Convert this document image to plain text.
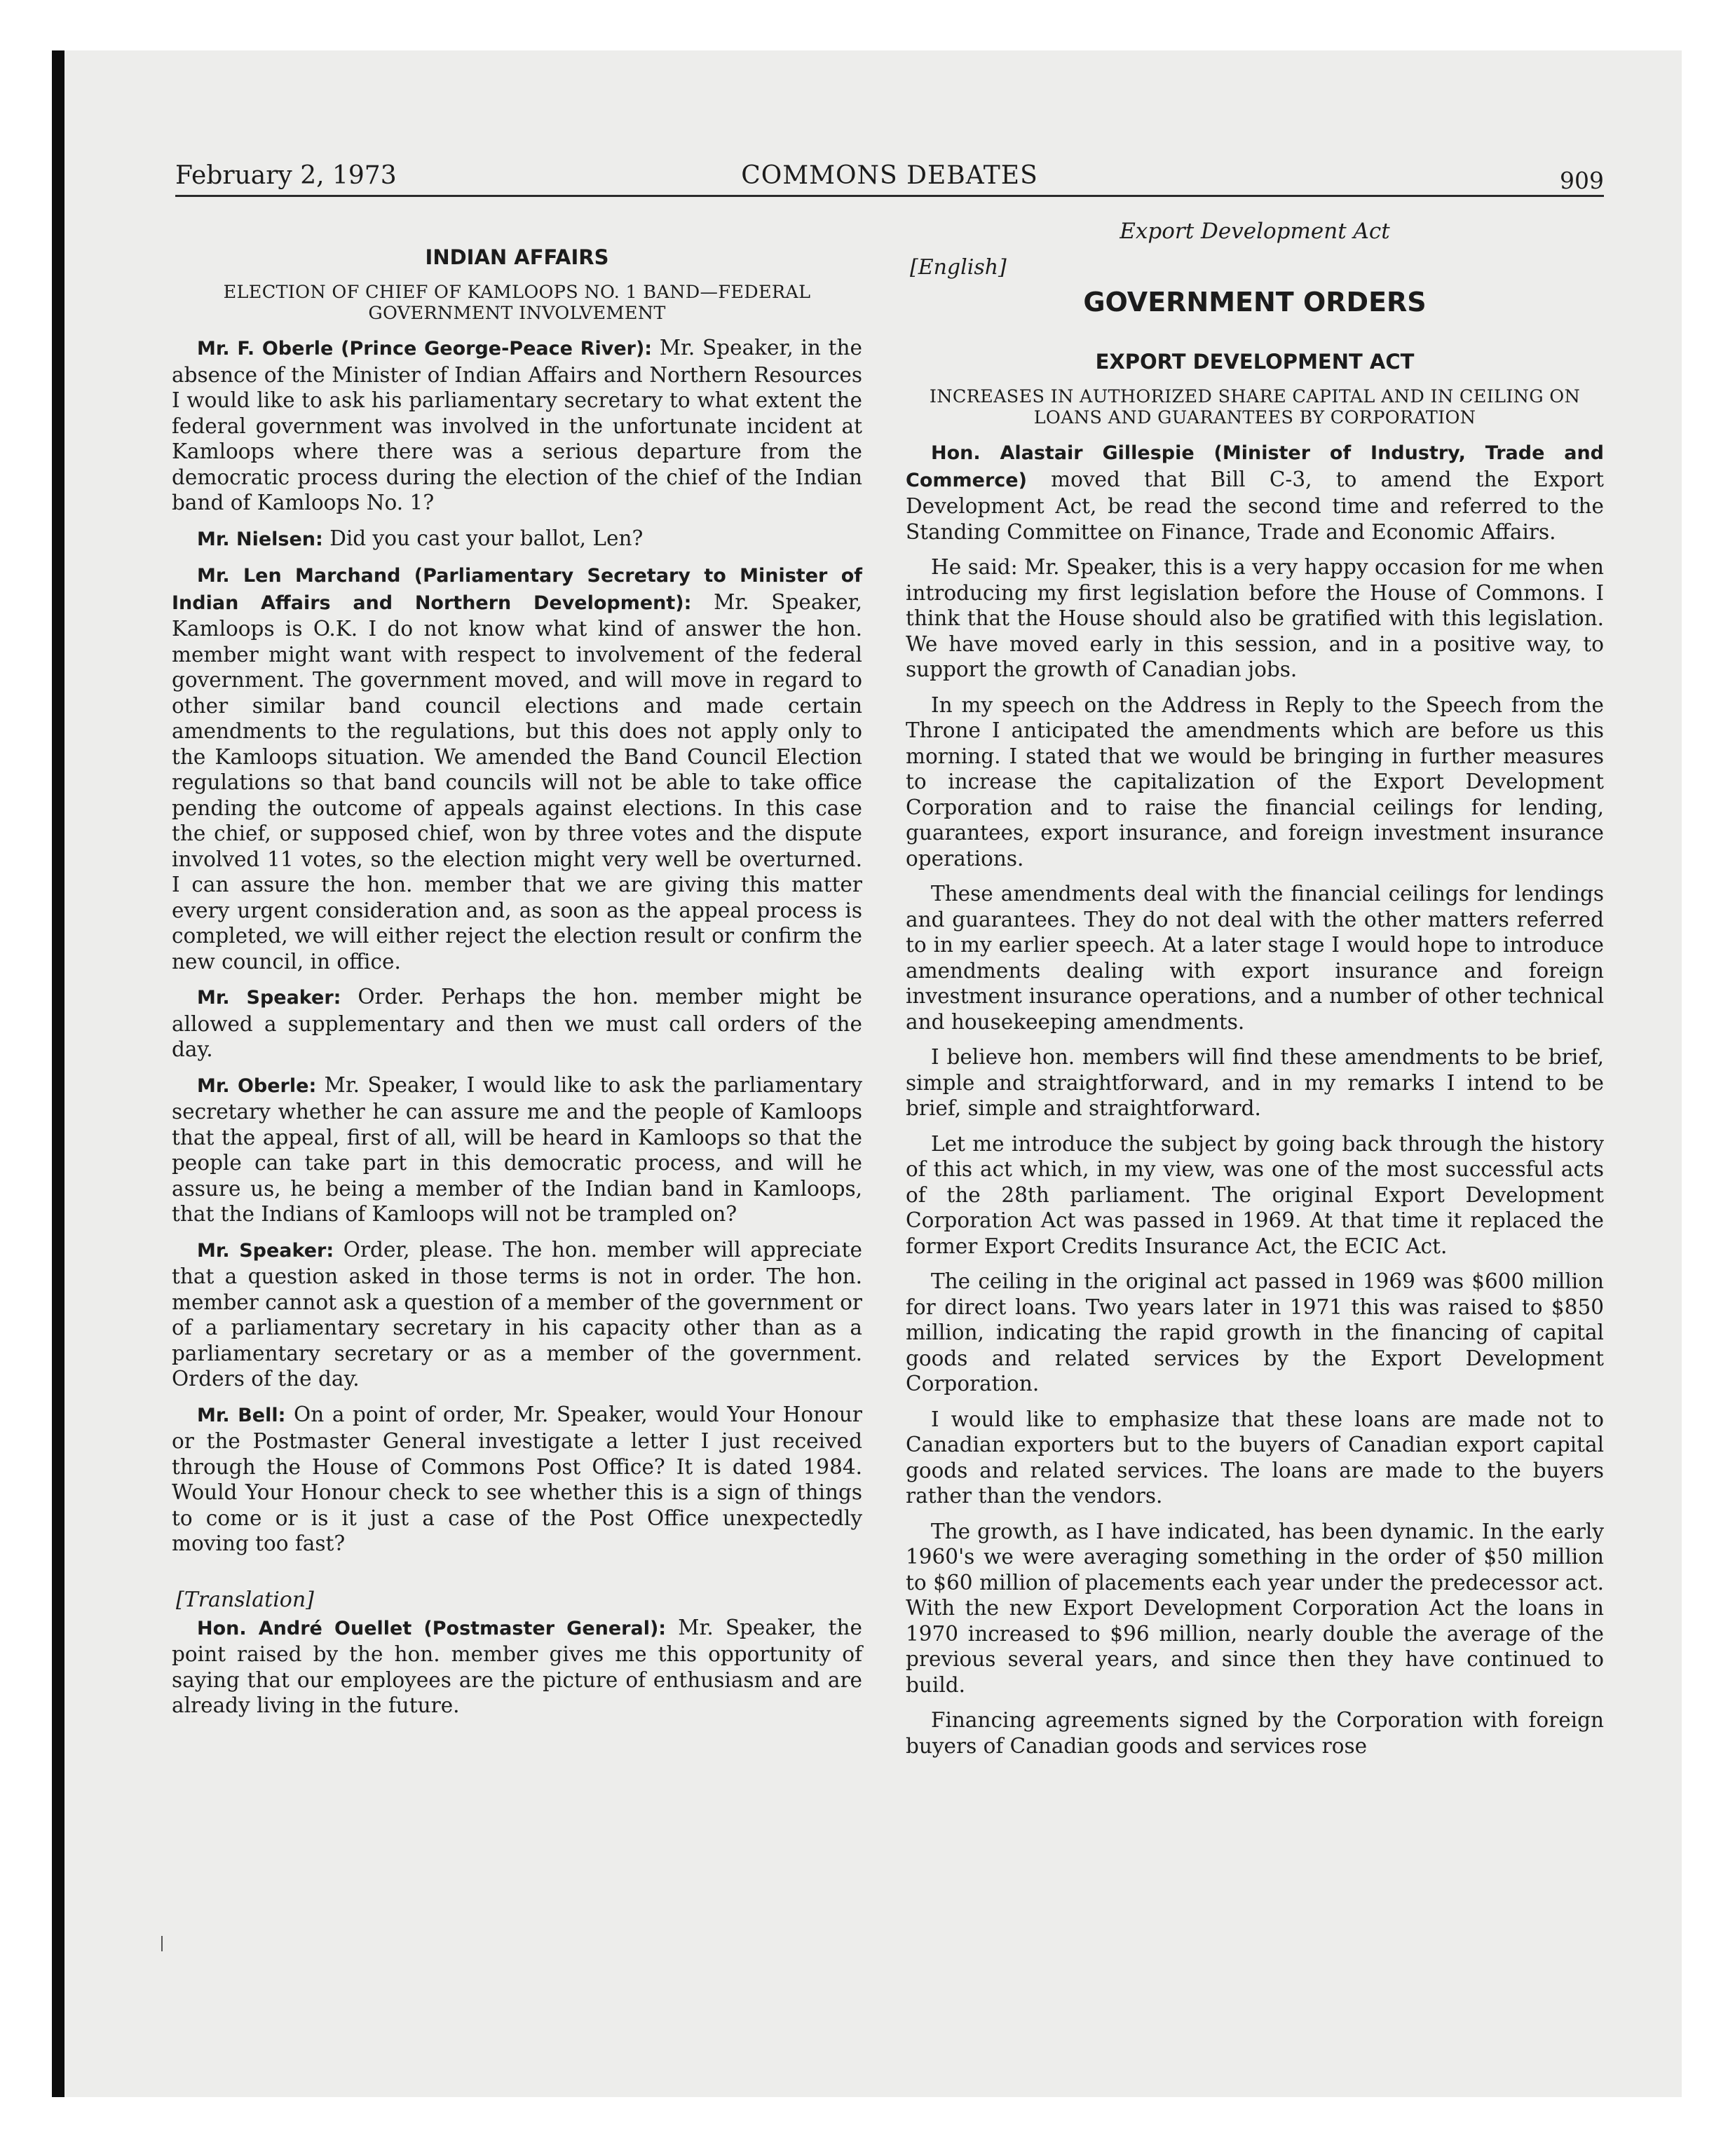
February 2, 1973	COMMONS DEBATES	909
INDIAN AFFAIRS
ELECTION OF CHIEF OF KAMLOOPS NO. 1 BAND—FEDERAL GOVERNMENT INVOLVEMENT

Mr. F. Oberle (Prince George-Peace River): Mr. Speaker, in the absence of the Minister of Indian Affairs and Northern Resources I would like to ask his parliamentary secretary to what extent the federal government was involved in the unfortunate incident at Kamloops where there was a serious departure from the democratic process during the election of the chief of the Indian band of Kamloops No. 1?

Mr. Nielsen: Did you cast your ballot, Len?

Mr. Len Marchand (Parliamentary Secretary to Minister of Indian Affairs and Northern Development): Mr. Speaker, Kamloops is O.K. I do not know what kind of answer the hon. member might want with respect to involvement of the federal government. The government moved, and will move in regard to other similar band council elections and made certain amendments to the regulations, but this does not apply only to the Kamloops situation. We amended the Band Council Election regulations so that band councils will not be able to take office pending the outcome of appeals against elections. In this case the chief, or supposed chief, won by three votes and the dispute involved 11 votes, so the election might very well be overturned. I can assure the hon. member that we are giving this matter every urgent consideration and, as soon as the appeal process is completed, we will either reject the election result or confirm the new council, in office.

Mr. Speaker: Order. Perhaps the hon. member might be allowed a supplementary and then we must call orders of the day.

Mr. Oberle: Mr. Speaker, I would like to ask the parliamentary secretary whether he can assure me and the people of Kamloops that the appeal, first of all, will be heard in Kamloops so that the people can take part in this democratic process, and will he assure us, he being a member of the Indian band in Kamloops, that the Indians of Kamloops will not be trampled on?

Mr. Speaker: Order, please. The hon. member will appreciate that a question asked in those terms is not in order. The hon. member cannot ask a question of a member of the government or of a parliamentary secretary in his capacity other than as a parliamentary secretary or as a member of the government. Orders of the day.

Mr. Bell: On a point of order, Mr. Speaker, would Your Honour or the Postmaster General investigate a letter I just received through the House of Commons Post Office? It is dated 1984. Would Your Honour check to see whether this is a sign of things to come or is it just a case of the Post Office unexpectedly moving too fast?

[Translation]

Hon. André Ouellet (Postmaster General): Mr. Speaker, the point raised by the hon. member gives me this opportunity of saying that our employees are the picture of enthusiasm and are already living in the future.

Export Development Act
[English]
GOVERNMENT ORDERS
EXPORT DEVELOPMENT ACT
INCREASES IN AUTHORIZED SHARE CAPITAL AND IN CEILING ON LOANS AND GUARANTEES BY CORPORATION

Hon. Alastair Gillespie (Minister of Industry, Trade and Commerce) moved that Bill C-3, to amend the Export Development Act, be read the second time and referred to the Standing Committee on Finance, Trade and Economic Affairs.

He said: Mr. Speaker, this is a very happy occasion for me when introducing my first legislation before the House of Commons. I think that the House should also be gratified with this legislation. We have moved early in this session, and in a positive way, to support the growth of Canadian jobs.

In my speech on the Address in Reply to the Speech from the Throne I anticipated the amendments which are before us this morning. I stated that we would be bringing in further measures to increase the capitalization of the Export Development Corporation and to raise the financial ceilings for lending, guarantees, export insurance, and foreign investment insurance operations.

These amendments deal with the financial ceilings for lendings and guarantees. They do not deal with the other matters referred to in my earlier speech. At a later stage I would hope to introduce amendments dealing with export insurance and foreign investment insurance operations, and a number of other technical and housekeeping amendments.

I believe hon. members will find these amendments to be brief, simple and straightforward, and in my remarks I intend to be brief, simple and straightforward.

Let me introduce the subject by going back through the history of this act which, in my view, was one of the most successful acts of the 28th parliament. The original Export Development Corporation Act was passed in 1969. At that time it replaced the former Export Credits Insurance Act, the ECIC Act.

The ceiling in the original act passed in 1969 was $600 million for direct loans. Two years later in 1971 this was raised to $850 million, indicating the rapid growth in the financing of capital goods and related services by the Export Development Corporation.

I would like to emphasize that these loans are made not to Canadian exporters but to the buyers of Canadian export capital goods and related services. The loans are made to the buyers rather than the vendors.

The growth, as I have indicated, has been dynamic. In the early 1960's we were averaging something in the order of $50 million to $60 million of placements each year under the predecessor act. With the new Export Development Corporation Act the loans in 1970 increased to $96 million, nearly double the average of the previous several years, and since then they have continued to build.

Financing agreements signed by the Corporation with foreign buyers of Canadian goods and services rose
